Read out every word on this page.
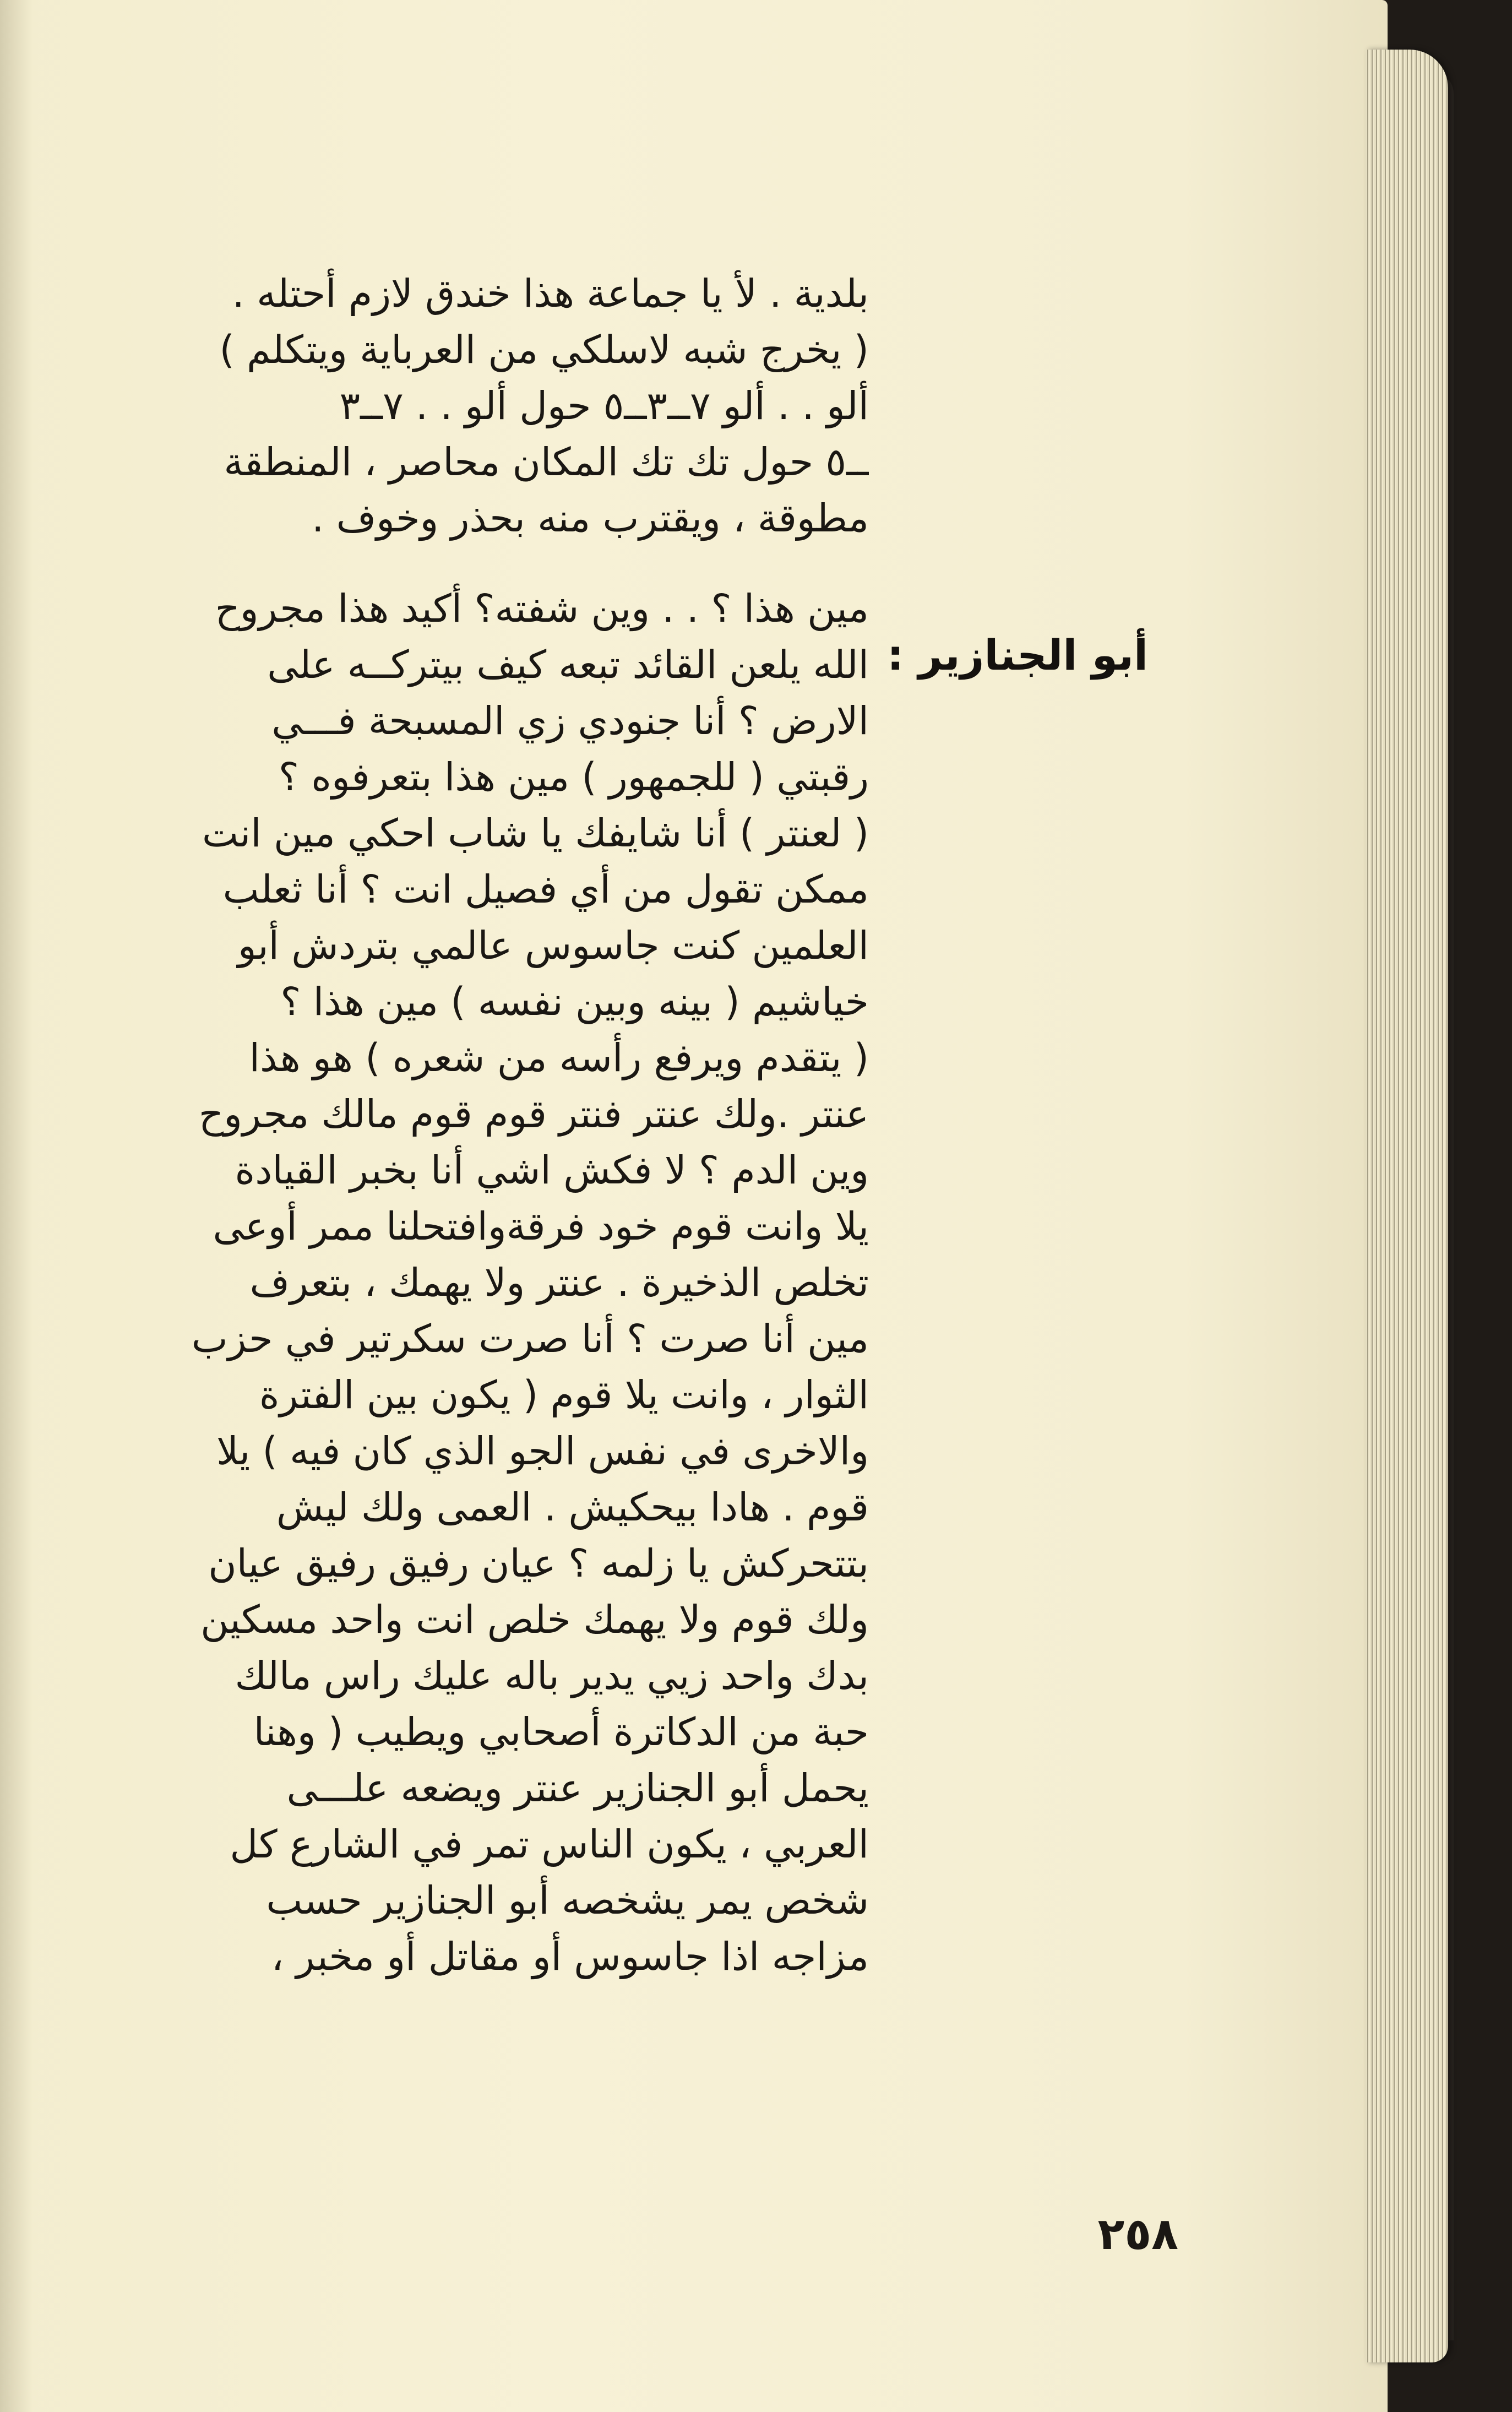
بلدية . لأ يا جماعة هذا خندق لازم أحتله .
( يخرج شبه لاسلكي من العرباية ويتكلم )
ألو . . ألو ٧ــ٣ــ٥ حول ألو . . ٧ــ٣
ــ٥ حول تك تك المكان محاصر ، المنطقة
مطوقة ، ويقترب منه بحذر وخوف .
مين هذا ؟ . . وين شفته؟ أكيد هذا مجروح
الله يلعن القائد تبعه كيف بيتركــه على
الارض ؟ أنا جنودي زي المسبحة فـــي
رقبتي ( للجمهور ) مين هذا بتعرفوه ؟
( لعنتر ) أنا شايفك يا شاب احكي مين انت
ممكن تقول من أي فصيل انت ؟ أنا ثعلب
العلمين كنت جاسوس عالمي بتردش أبو
خياشيم ( بينه وبين نفسه ) مين هذا ؟
( يتقدم ويرفع رأسه من شعره ) هو هذا
عنتر .ولك عنتر فنتر قوم قوم مالك مجروح
وين الدم ؟ لا فكش اشي أنا بخبر القيادة
يلا وانت قوم خود فرقةوافتحلنا ممر أوعى
تخلص الذخيرة . عنتر ولا يهمك ، بتعرف
مين أنا صرت ؟ أنا صرت سكرتير في حزب
الثوار ، وانت يلا قوم ( يكون بين الفترة
والاخرى في نفس الجو الذي كان فيه ) يلا
قوم . هادا بيحكيش . العمى ولك ليش
بتتحركش يا زلمه ؟ عيان رفيق رفيق عيان
ولك قوم ولا يهمك خلص انت واحد مسكين
بدك واحد زيي يدير باله عليك راس مالك
حبة من الدكاترة أصحابي ويطيب ( وهنا
يحمل أبو الجنازير عنتر ويضعه علـــى
العربي ، يكون الناس تمر في الشارع كل
شخص يمر يشخصه أبو الجنازير حسب
مزاجه اذا جاسوس أو مقاتل أو مخبر ،
أبو الجنازير :
٢٥٨
